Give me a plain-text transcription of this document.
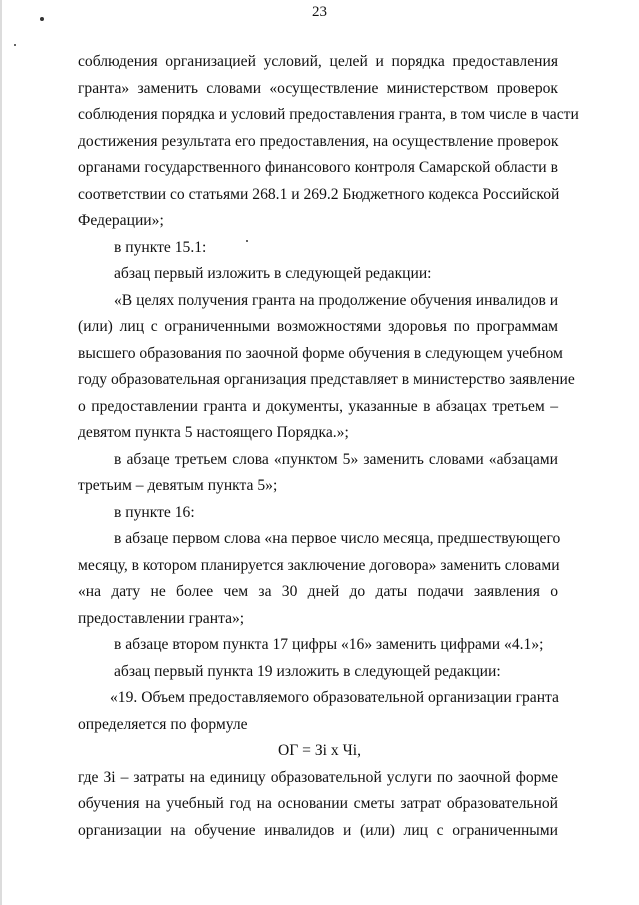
23
соблюдения организацией условий, целей и порядка предоставления
гранта» заменить словами «осуществление министерством проверок
соблюдения порядка и условий предоставления гранта, в том числе в части
достижения результата его предоставления, на осуществление проверок
органами государственного финансового контроля Самарской области в
соответствии со статьями 268.1 и 269.2 Бюджетного кодекса Российской
Федерации»;
в пункте 15.1:
абзац первый изложить в следующей редакции:
«В целях получения гранта на продолжение обучения инвалидов и
(или) лиц с ограниченными возможностями здоровья по программам
высшего образования по заочной форме обучения в следующем учебном
году образовательная организация представляет в министерство заявление
о предоставлении гранта и документы, указанные в абзацах третьем –
девятом пункта 5 настоящего Порядка.»;
в абзаце третьем слова «пунктом 5» заменить словами «абзацами
третьим – девятым пункта 5»;
в пункте 16:
в абзаце первом слова «на первое число месяца, предшествующего
месяцу, в котором планируется заключение договора» заменить словами
«на дату не более чем за 30 дней до даты подачи заявления о
предоставлении гранта»;
в абзаце втором пункта 17 цифры «16» заменить цифрами «4.1»;
абзац первый пункта 19 изложить в следующей редакции:
«19. Объем предоставляемого образовательной организации гранта
определяется по формуле
ОГ = Зi x Чi,
где Зi – затраты на единицу образовательной услуги по заочной форме
обучения на учебный год на основании сметы затрат образовательной
организации на обучение инвалидов и (или) лиц с ограниченными
